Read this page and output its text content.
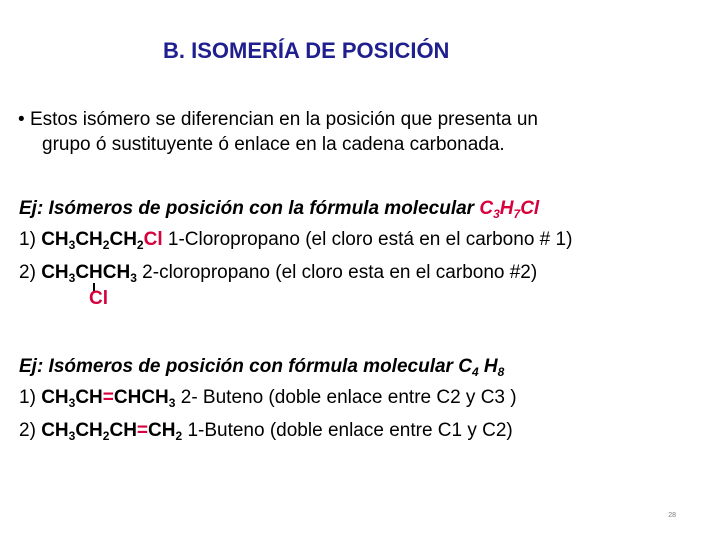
B. ISOMERÍA DE POSICIÓN
• Estos isómero se diferencian en la posición que presenta un
grupo ó sustituyente ó enlace en la cadena carbonada.
Ej: Isómeros de posición con la fórmula molecular $C_3H_7Cl$
1) $CH_3CH_2CH_2Cl$ 1-Cloropropano (el cloro está en el carbono # 1)
2) $CH_3CHCH_3$ 2-cloropropano (el cloro esta en el carbono #2)
Cl
Ej: Isómeros de posición con fórmula molecular $C_4$ $H_8$
1) $CH_3CH=CHCH_3$ 2- Buteno (doble enlace entre C2 y C3 )
2) $CH_3CH_2CH=CH_2$ 1-Buteno (doble enlace entre C1 y C2)
28
